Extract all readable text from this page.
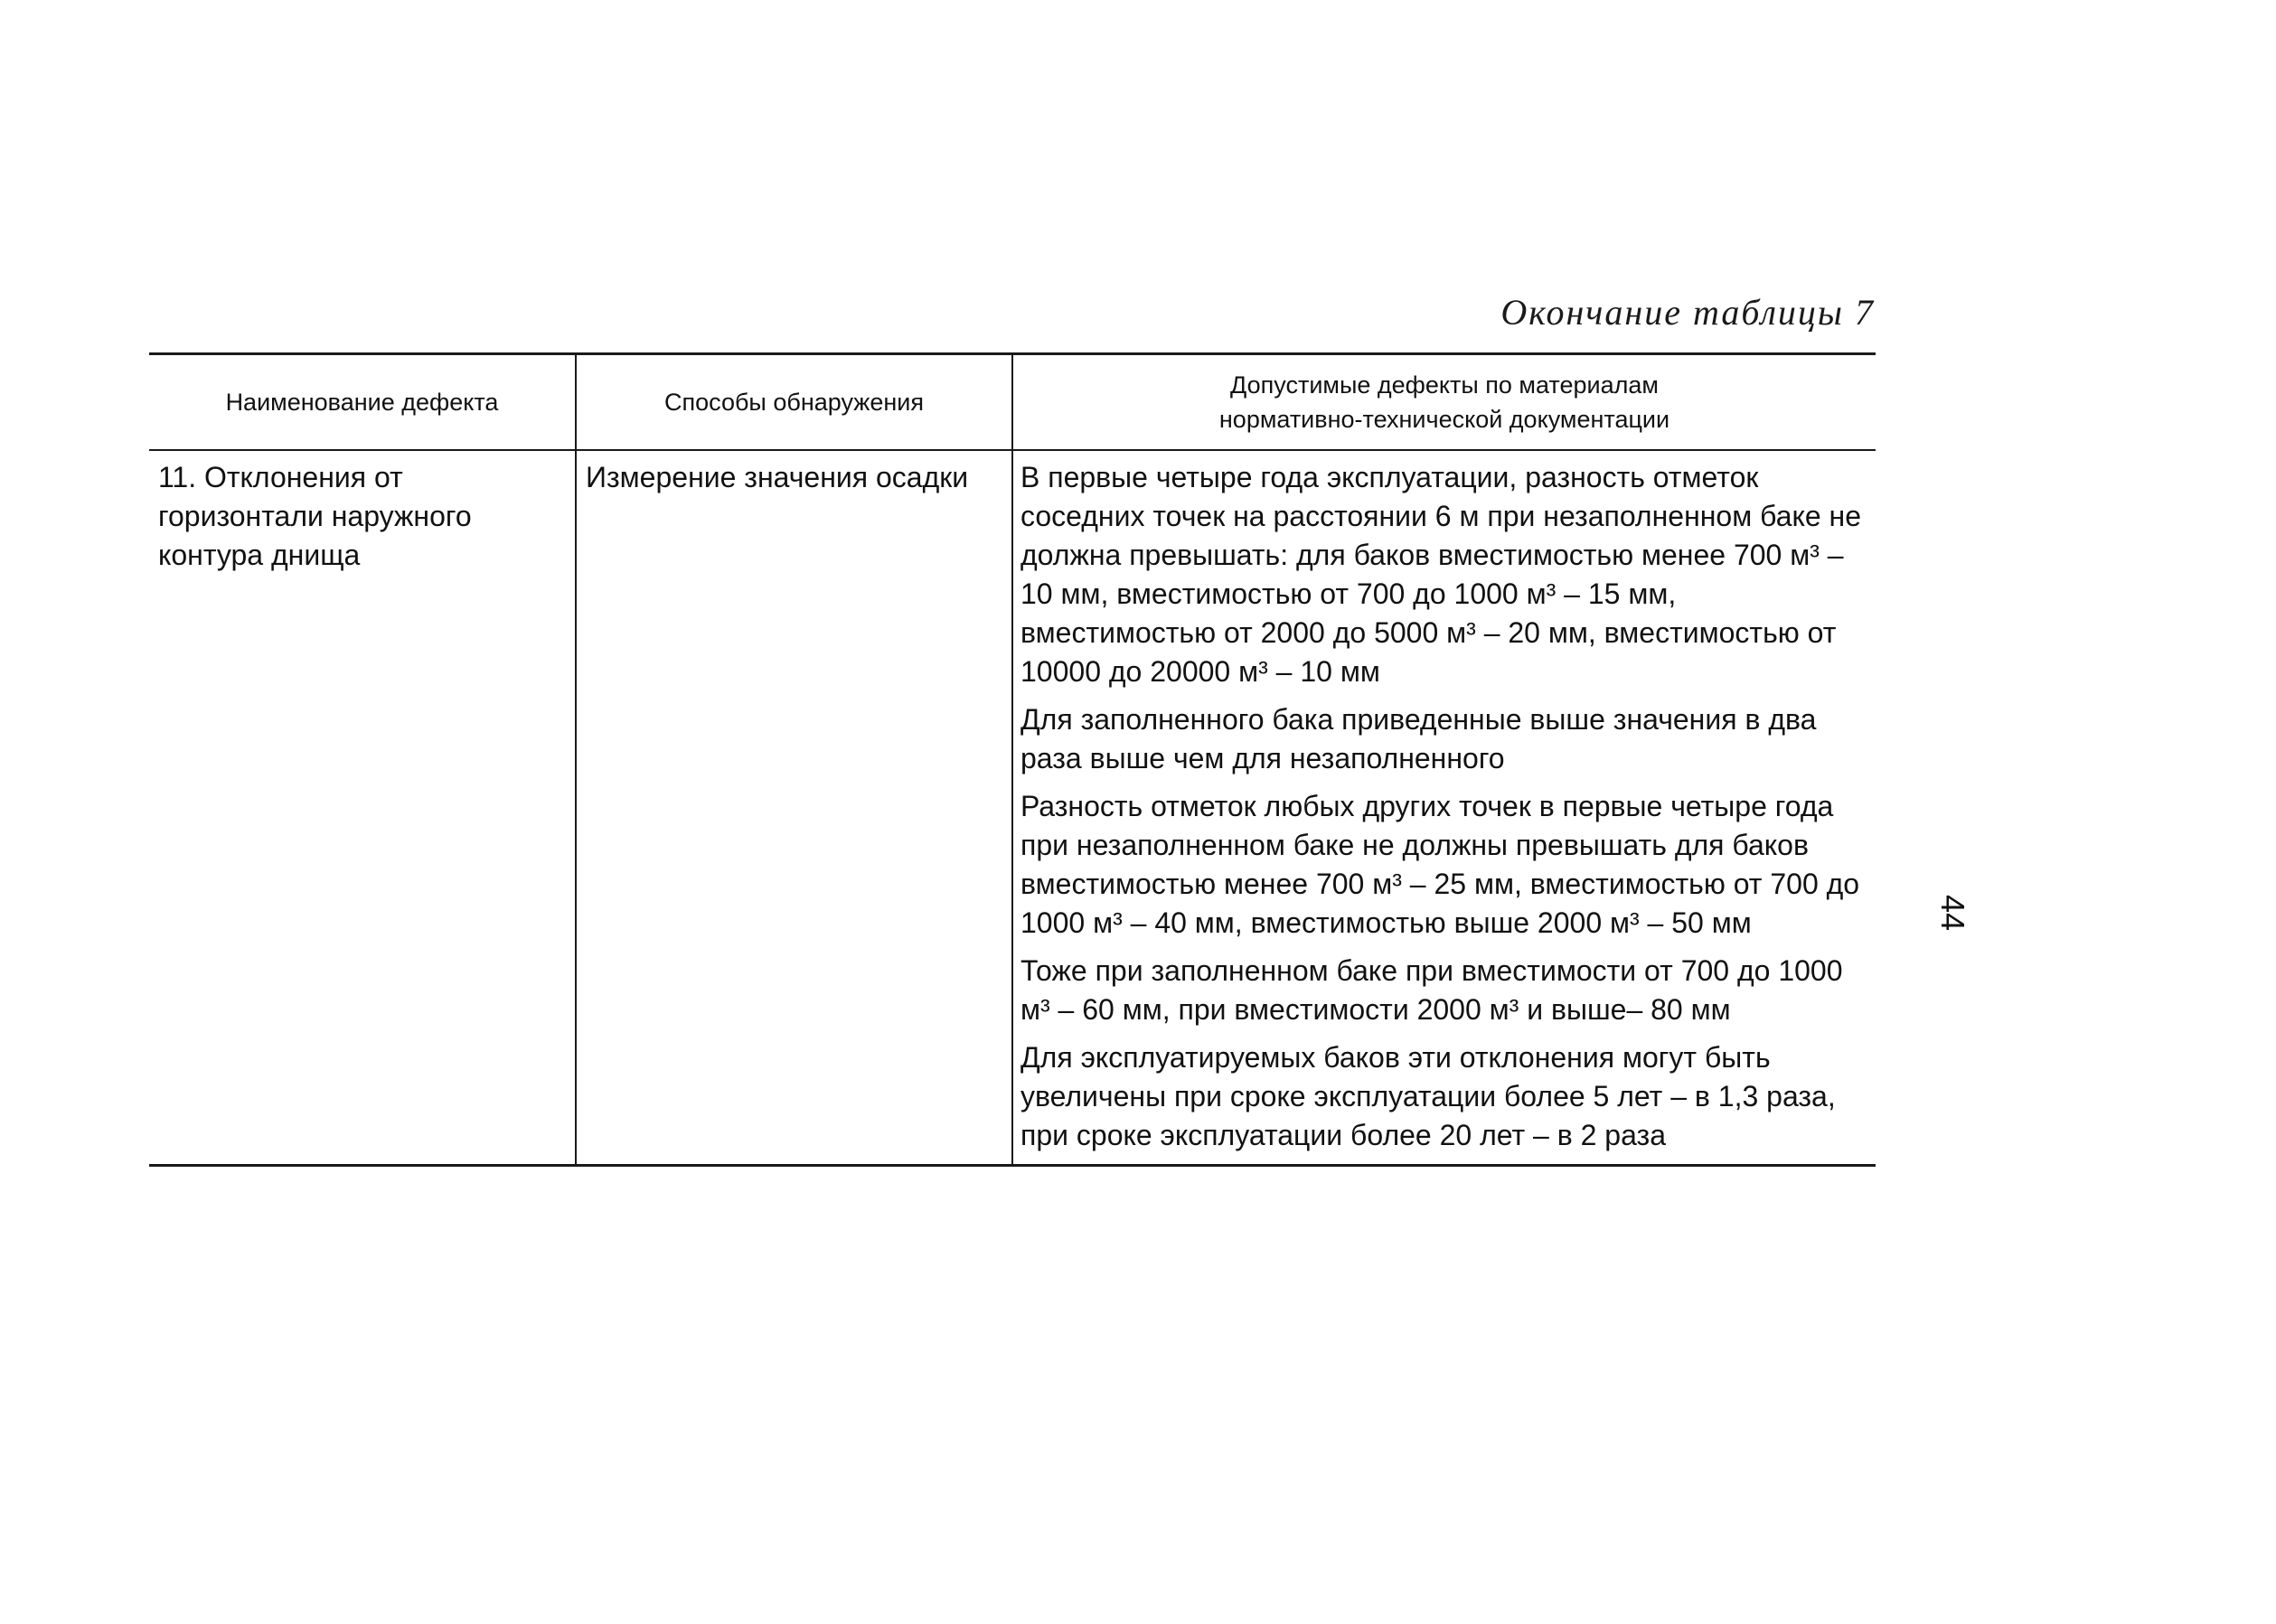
Окончание таблицы 7
Наименование дефекта	Способы обнаружения	Допустимые дефекты по материалам
нормативно-технической документации

11. Отклонения от горизонтали наружного контура днища	Измерение значения осадки	В первые четыре года эксплуатации, разность отметок соседних точек на расстоянии 6 м при незаполненном баке не должна превышать: для баков вместимостью менее 700 м³ – 10 мм, вместимостью от 700 до 1000 м³ – 15 мм, вместимостью от 2000 до 5000 м³ – 20 мм, вместимостью от 10000 до 20000 м³ – 10 мм

Для заполненного бака приведенные выше значения в два раза выше чем для незаполненного

Разность отметок любых других точек в первые четыре года при незаполненном баке не должны превышать для баков вместимостью менее 700 м³ – 25 мм, вместимостью от 700 до 1000 м³ – 40 мм, вместимостью выше 2000 м³ – 50 мм

Тоже при заполненном баке при вместимости от 700 до 1000 м³ – 60 мм, при вместимости 2000 м³ и выше– 80 мм

Для эксплуатируемых баков эти отклонения могут быть увеличены при сроке эксплуатации более 5 лет – в 1,3 раза, при сроке эксплуатации более 20 лет – в 2 раза

44
